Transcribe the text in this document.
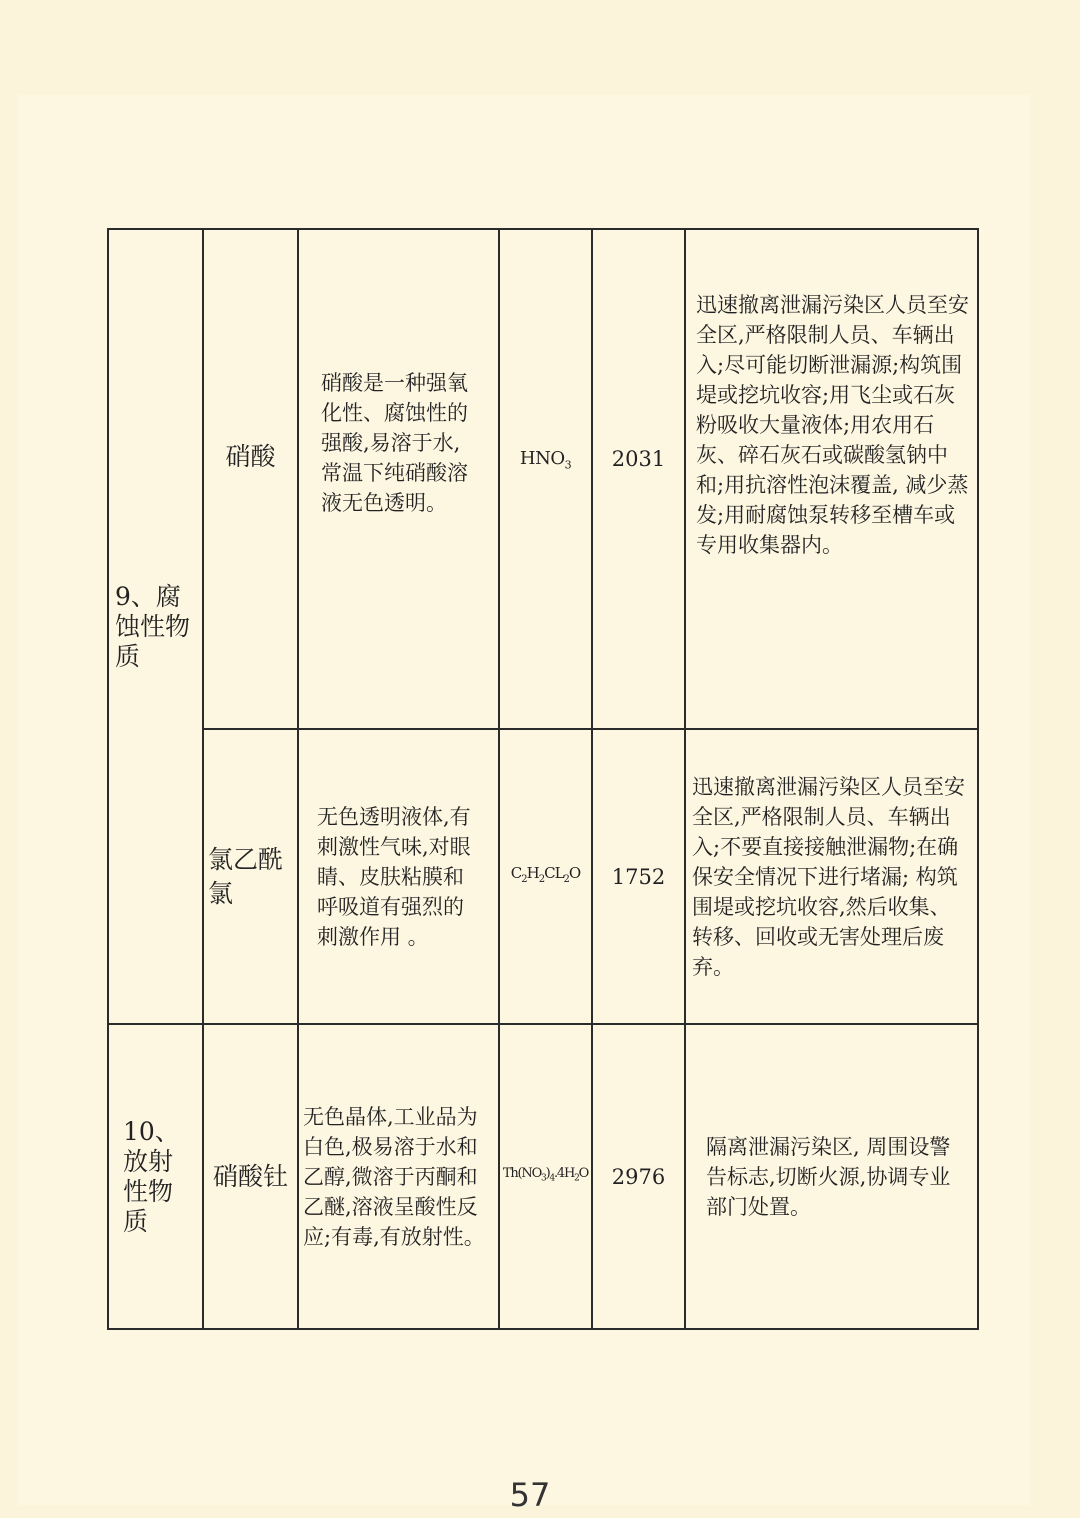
9、腐蚀性物质	硝酸	硝酸是一种强氧化性、腐蚀性的强酸,易溶于水, 常温下纯硝酸溶液无色透明。	$HNO_3$	2031	迅速撤离泄漏污染区人员至安全区,严格限制人员、车辆出入;尽可能切断泄漏源;构筑围堤或挖坑收容;用飞尘或石灰粉吸收大量液体;用农用石灰、碎石灰石或碳酸氢钠中和;用抗溶性泡沫覆盖, 减少蒸发;用耐腐蚀泵转移至槽车或专用收集器内。

	氯乙酰氯	无色透明液体,有刺激性气味,对眼睛、皮肤粘膜和呼吸道有强烈的刺激作用 。	$C_2H_2CL_2O$	1752	迅速撤离泄漏污染区人员至安全区,严格限制人员、车辆出入;不要直接接触泄漏物;在确保安全情况下进行堵漏; 构筑围堤或挖坑收容,然后收集、转移、回收或无害处理后废弃。

10、放射性物质	硝酸钍	无色晶体,工业品为白色,极易溶于水和乙醇,微溶于丙酮和乙醚,溶液呈酸性反应;有毒,有放射性。	$Th(NO_3)_4.4H_2O$	2976	隔离泄漏污染区, 周围设警告标志,切断火源,协调专业部门处置。
57
